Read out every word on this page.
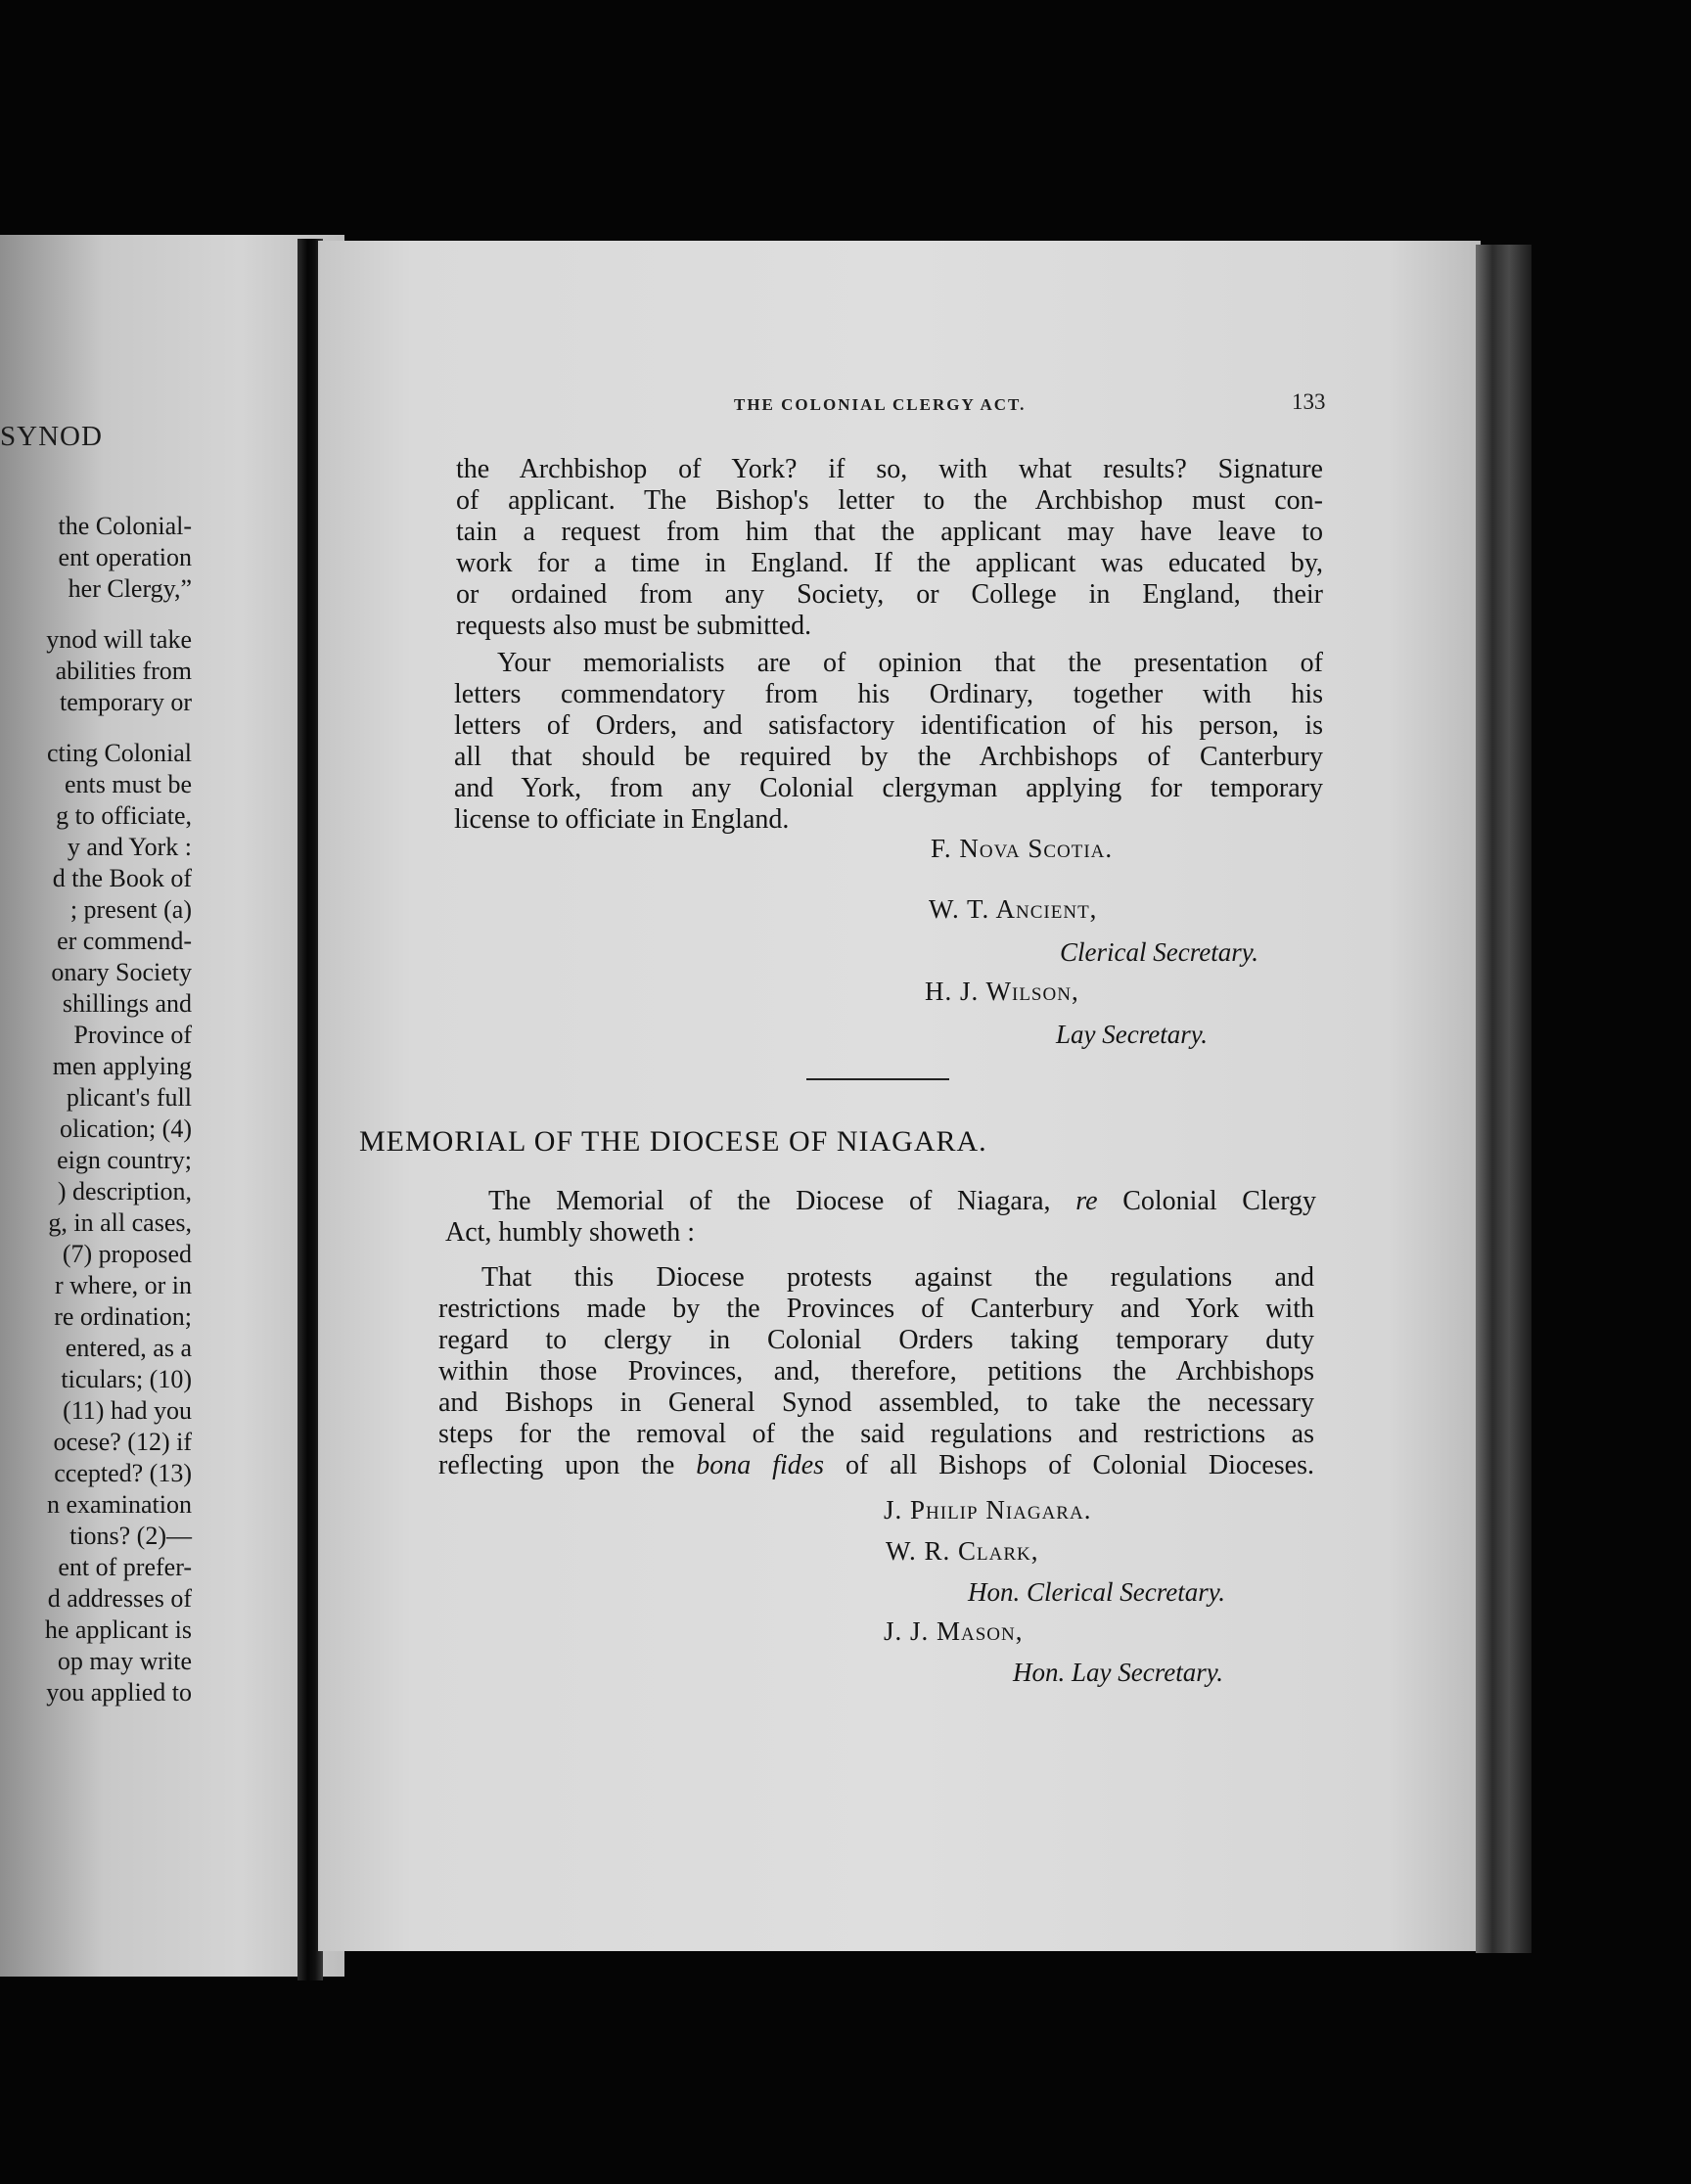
SYNOD
the Colonial-
ent operation
her Clergy,”
ynod will take
abilities from
temporary or
cting Colonial
ents must be
g to officiate,
y and York :
d the Book of
; present (a)
er commend-
onary Society
shillings and
Province of
men applying
plicant's full
olication; (4)
eign country;
) description,
g, in all cases,
(7) proposed
r where, or in
re ordination;
entered, as a
ticulars; (10)
(11) had you
ocese? (12) if
ccepted? (13)
n examination
tions? (2)—
ent of prefer-
d addresses of
he applicant is
op may write
you applied to
THE COLONIAL CLERGY ACT.	133
the Archbishop of York? if so, with what results? Signature
of applicant. The Bishop's letter to the Archbishop must con-
tain a request from him that the applicant may have leave to
work for a time in England. If the applicant was educated by,
or ordained from any Society, or College in England, their
requests also must be submitted.
Your memorialists are of opinion that the presentation of
letters commendatory from his Ordinary, together with his
letters of Orders, and satisfactory identification of his person, is
all that should be required by the Archbishops of Canterbury
and York, from any Colonial clergyman applying for temporary
license to officiate in England.
F. Nova Scotia.
W. T. Ancient,
Clerical Secretary.
H. J. Wilson,
Lay Secretary.
MEMORIAL OF THE DIOCESE OF NIAGARA.
The Memorial of the Diocese of Niagara, re Colonial Clergy
Act, humbly showeth :
That this Diocese protests against the regulations and
restrictions made by the Provinces of Canterbury and York with
regard to clergy in Colonial Orders taking temporary duty
within those Provinces, and, therefore, petitions the Archbishops
and Bishops in General Synod assembled, to take the necessary
steps for the removal of the said regulations and restrictions as
reflecting upon the bona fides of all Bishops of Colonial Dioceses.
J. Philip Niagara.
W. R. Clark,
Hon. Clerical Secretary.
J. J. Mason,
Hon. Lay Secretary.
